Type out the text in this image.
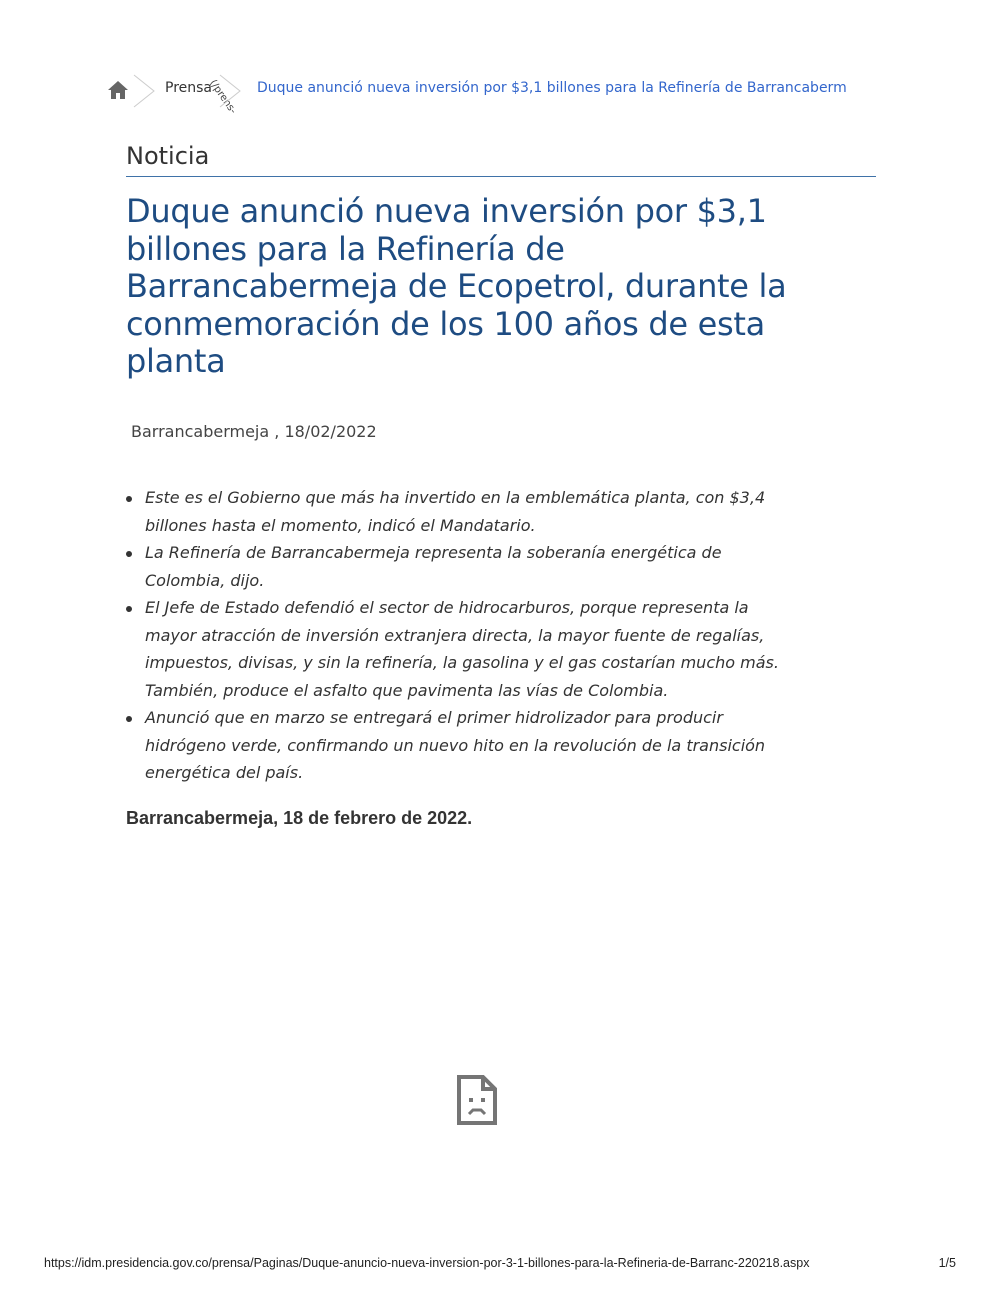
Prensa
(/prens- Duque anunció nueva inversión por $3,1 billones para la Refinería de Barrancaberm
Noticia
Duque anunció nueva inversión por $3,1
billones para la Refinería de
Barrancabermeja de Ecopetrol, durante la
conmemoración de los 100 años de esta
planta
Barrancabermeja , 18/02/2022
Este es el Gobierno que más ha invertido en la emblemática planta, con $3,4
billones hasta el momento, indicó el Mandatario.
La Refinería de Barrancabermeja representa la soberanía energética de
Colombia, dijo.
El Jefe de Estado defendió el sector de hidrocarburos, porque representa la
mayor atracción de inversión extranjera directa, la mayor fuente de regalías,
impuestos, divisas, y sin la refinería, la gasolina y el gas costarían mucho más.
También, produce el asfalto que pavimenta las vías de Colombia.
Anunció que en marzo se entregará el primer hidrolizador para producir
hidrógeno verde, confirmando un nuevo hito en la revolución de la transición
energética del país.
Barrancabermeja, 18 de febrero de 2022.
https://idm.presidencia.gov.co/prensa/Paginas/Duque-anuncio-nueva-inversion-por-3-1-billones-para-la-Refineria-de-Barranc-220218.aspx	1/5
